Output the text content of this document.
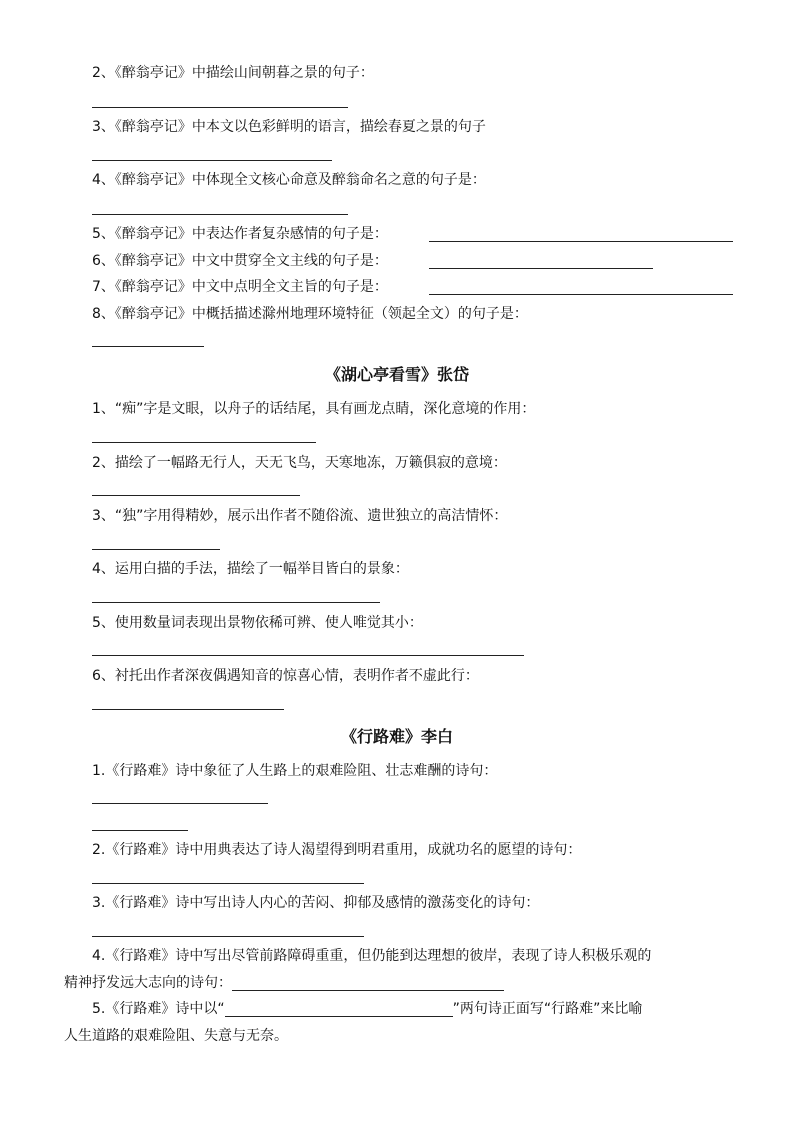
2、《醉翁亭记》中描绘山间朝暮之景的句子：
3、《醉翁亭记》中本文以色彩鲜明的语言，描绘春夏之景的句子
4、《醉翁亭记》中体现全文核心命意及醉翁命名之意的句子是：
5、《醉翁亭记》中表达作者复杂感情的句子是：
6、《醉翁亭记》中文中贯穿全文主线的句子是：
7、《醉翁亭记》中文中点明全文主旨的句子是：
8、《醉翁亭记》中概括描述滁州地理环境特征（领起全文）的句子是：
《湖心亭看雪》张岱
1、“痴”字是文眼，以舟子的话结尾，具有画龙点睛，深化意境的作用：
2、描绘了一幅路无行人，天无飞鸟，天寒地冻，万籁俱寂的意境：
3、“独”字用得精妙，展示出作者不随俗流、遗世独立的高洁情怀：
4、运用白描的手法，描绘了一幅举目皆白的景象：
5、使用数量词表现出景物依稀可辨、使人唯觉其小：
6、衬托出作者深夜偶遇知音的惊喜心情，表明作者不虚此行：
《行路难》李白
1.《行路难》诗中象征了人生路上的艰难险阻、壮志难酬的诗句：
2.《行路难》诗中用典表达了诗人渴望得到明君重用，成就功名的愿望的诗句：
3.《行路难》诗中写出诗人内心的苦闷、抑郁及感情的激荡变化的诗句：
4.《行路难》诗中写出尽管前路障碍重重，但仍能到达理想的彼岸，表现了诗人积极乐观的
精神抒发远大志向的诗句：
5.《行路难》诗中以“	”两句诗正面写“行路难”来比喻
人生道路的艰难险阻、失意与无奈。
